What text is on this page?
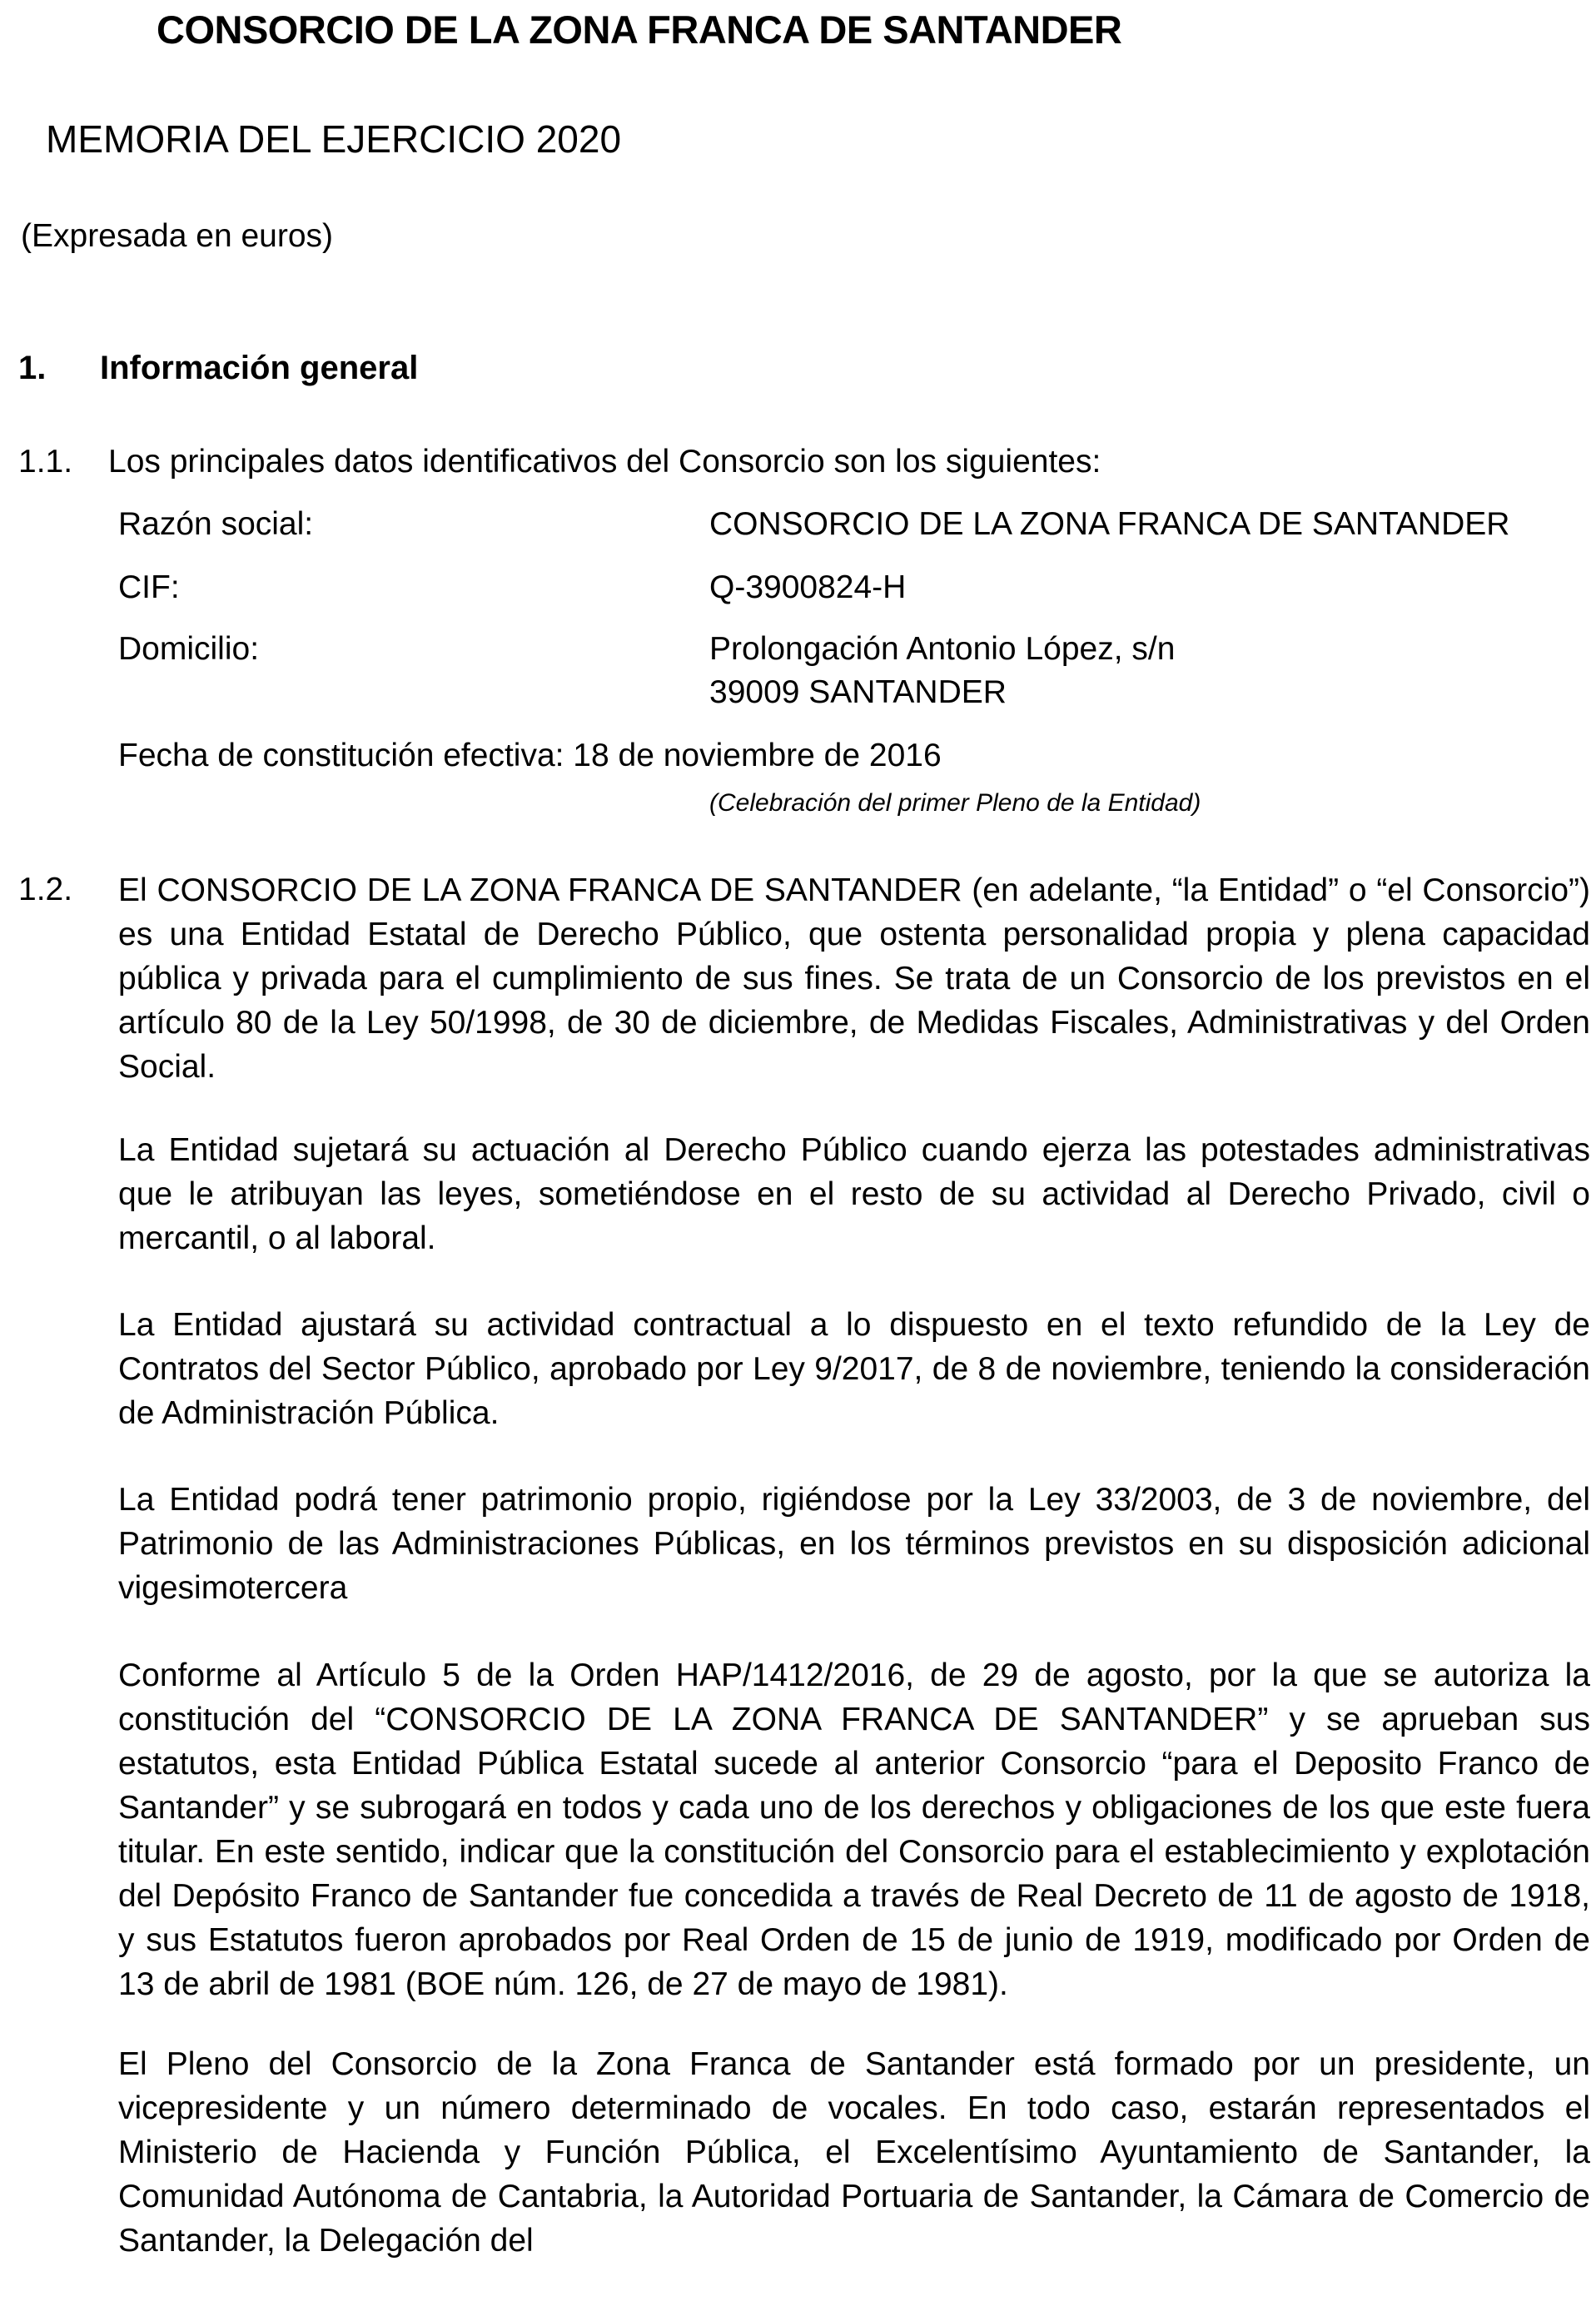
CONSORCIO DE LA ZONA FRANCA DE SANTANDER
MEMORIA DEL EJERCICIO 2020
(Expresada en euros)
1. Información general
1.1. Los principales datos identificativos del Consorcio son los siguientes:
Razón social:	CONSORCIO DE LA ZONA FRANCA DE SANTANDER
CIF:	Q-3900824-H
Domicilio:	Prolongación Antonio López, s/n
39009 SANTANDER
Fecha de constitución efectiva: 18 de noviembre de 2016
(Celebración del primer Pleno de la Entidad)
1.2. El CONSORCIO DE LA ZONA FRANCA DE SANTANDER (en adelante, “la Entidad” o “el Consorcio”) es una Entidad Estatal de Derecho Público, que ostenta personalidad propia y plena capacidad pública y privada para el cumplimiento de sus fines. Se trata de un Consorcio de los previstos en el artículo 80 de la Ley 50/1998, de 30 de diciembre, de Medidas Fiscales, Administrativas y del Orden Social.
La Entidad sujetará su actuación al Derecho Público cuando ejerza las potestades administrativas que le atribuyan las leyes, sometiéndose en el resto de su actividad al Derecho Privado, civil o mercantil, o al laboral.
La Entidad ajustará su actividad contractual a lo dispuesto en el texto refundido de la Ley de Contratos del Sector Público, aprobado por Ley 9/2017, de 8 de noviembre, teniendo la consideración de Administración Pública.
La Entidad podrá tener patrimonio propio, rigiéndose por la Ley 33/2003, de 3 de noviembre, del Patrimonio de las Administraciones Públicas, en los términos previstos en su disposición adicional vigesimotercera
Conforme al Artículo 5 de la Orden HAP/1412/2016, de 29 de agosto, por la que se autoriza la constitución del “CONSORCIO DE LA ZONA FRANCA DE SANTANDER” y se aprueban sus estatutos, esta Entidad Pública Estatal sucede al anterior Consorcio “para el Deposito Franco de Santander” y se subrogará en todos y cada uno de los derechos y obligaciones de los que este fuera titular. En este sentido, indicar que la constitución del Consorcio para el establecimiento y explotación del Depósito Franco de Santander fue concedida a través de Real Decreto de 11 de agosto de 1918, y sus Estatutos fueron aprobados por Real Orden de 15 de junio de 1919, modificado por Orden de 13 de abril de 1981 (BOE núm. 126, de 27 de mayo de 1981).
El Pleno del Consorcio de la Zona Franca de Santander está formado por un presidente, un vicepresidente y un número determinado de vocales. En todo caso, estarán representados el Ministerio de Hacienda y Función Pública, el Excelentísimo Ayuntamiento de Santander, la Comunidad Autónoma de Cantabria, la Autoridad Portuaria de Santander, la Cámara de Comercio de Santander, la Delegación del
